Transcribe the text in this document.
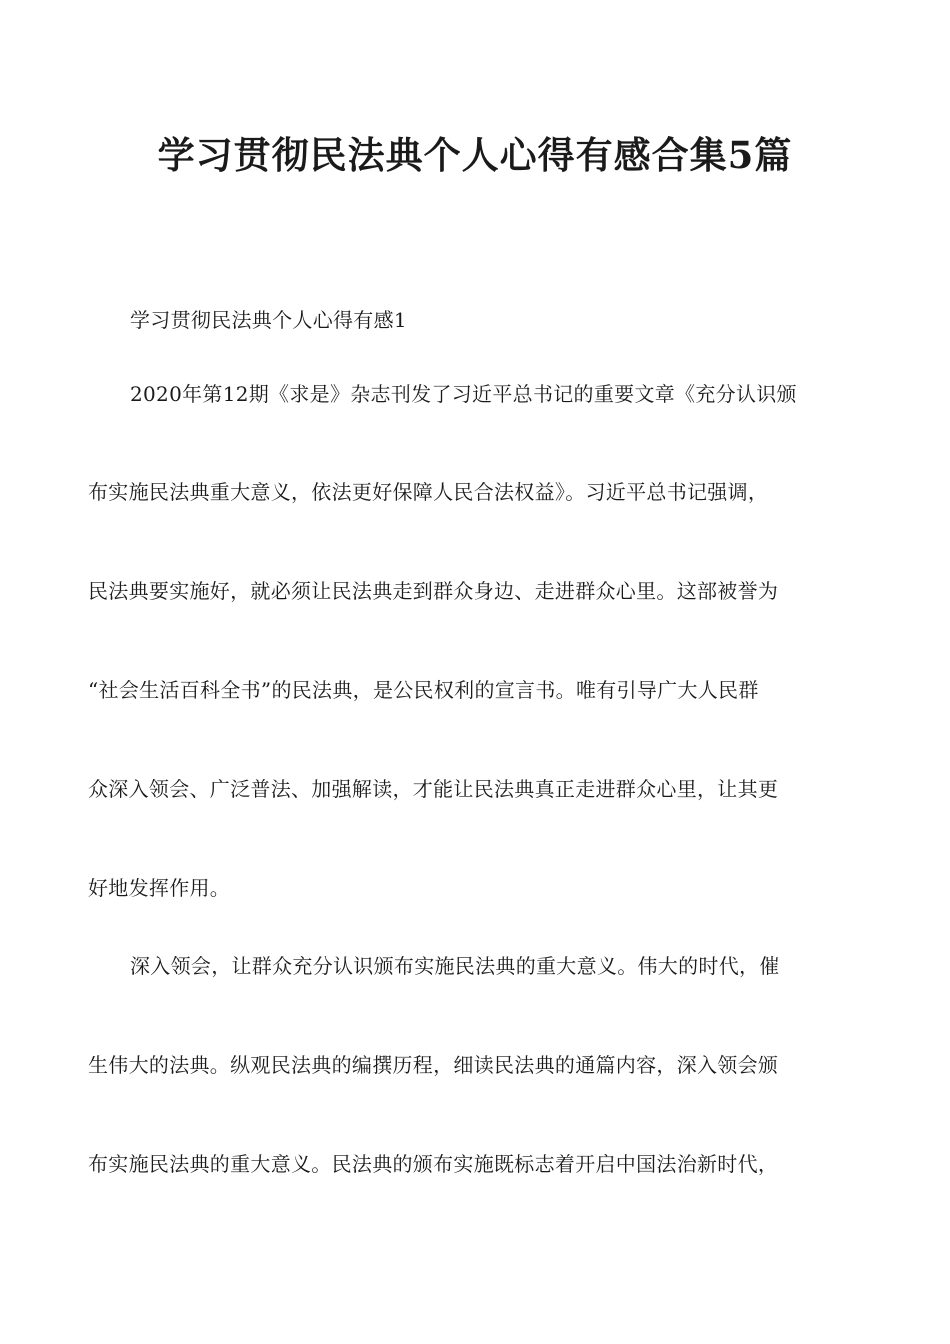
学习贯彻民法典个人心得有感合集5篇
学习贯彻民法典个人心得有感1
2020年第12期《求是》杂志刊发了习近平总书记的重要文章《充分认识颁
布实施民法典重大意义，依法更好保障人民合法权益》。习近平总书记强调，
民法典要实施好，就必须让民法典走到群众身边、走进群众心里。这部被誉为
“社会生活百科全书”的民法典，是公民权利的宣言书。唯有引导广大人民群
众深入领会、广泛普法、加强解读，才能让民法典真正走进群众心里，让其更
好地发挥作用。
深入领会，让群众充分认识颁布实施民法典的重大意义。伟大的时代，催
生伟大的法典。纵观民法典的编撰历程，细读民法典的通篇内容，深入领会颁
布实施民法典的重大意义。民法典的颁布实施既标志着开启中国法治新时代，
